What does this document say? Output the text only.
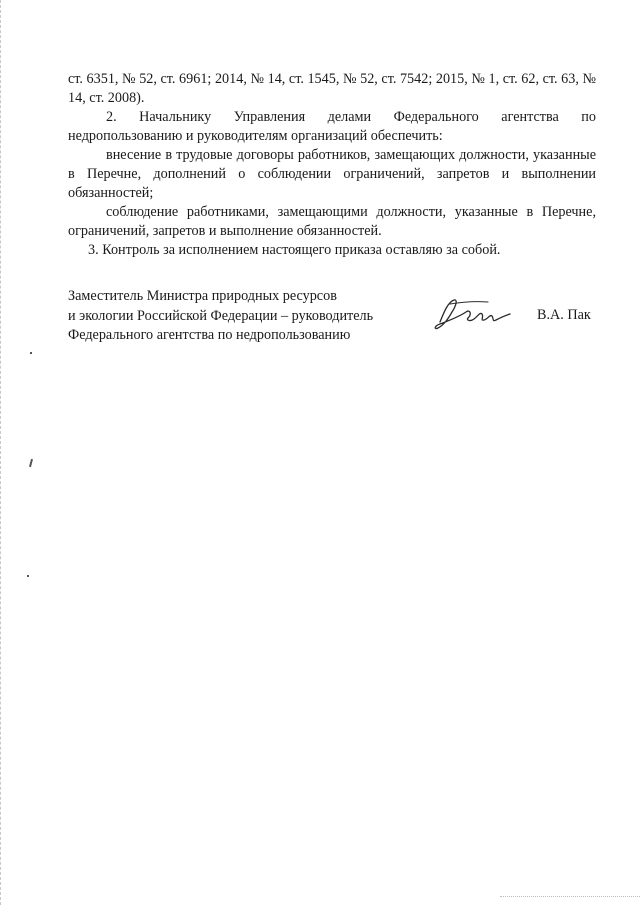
ст. 6351, № 52, ст. 6961; 2014, № 14, ст. 1545, № 52, ст. 7542; 2015, № 1, ст. 62, ст. 63, № 14, ст. 2008).

2. Начальнику Управления делами Федерального агентства по недропользованию и руководителям организаций обеспечить:

внесение в трудовые договоры работников, замещающих должности, указанные в Перечне, дополнений о соблюдении ограничений, запретов и выполнении обязанностей;

соблюдение работниками, замещающими должности, указанные в Перечне, ограничений, запретов и выполнение обязанностей.

3. Контроль за исполнением настоящего приказа оставляю за собой.

Заместитель Министра природных ресурсов
и экологии Российской Федерации – руководитель
Федерального агентства по недропользованию
В.А. Пак
